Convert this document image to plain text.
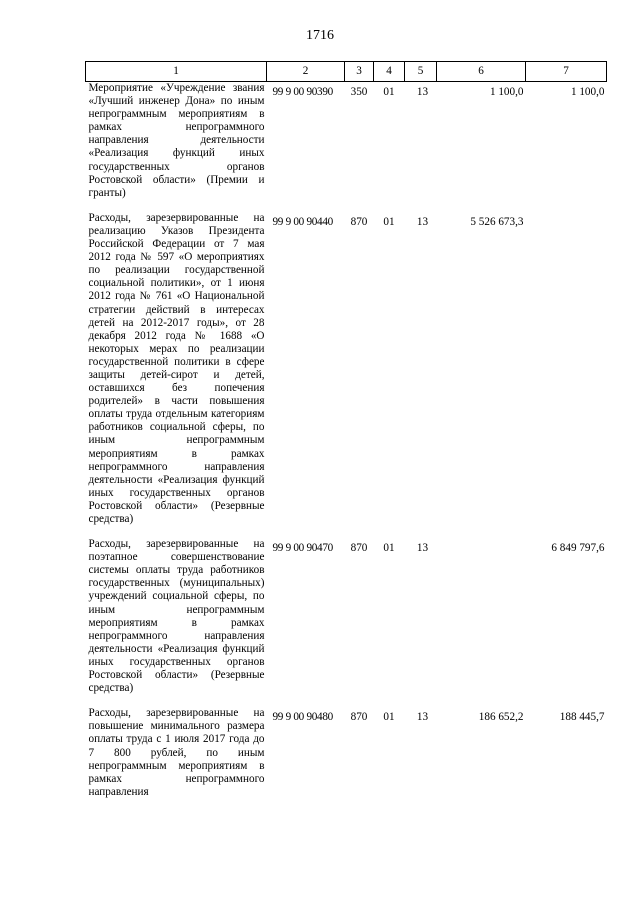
1716
1	2	3	4	5	6	7
Мероприятие «Учреждение звания «Лучший инженер Дона» по иным непрограммным мероприятиям в рамках непрограммного направления деятельности «Реализация функций иных государственных органов Ростовской области» (Премии и гранты)	99 9 00 90390	350	01	13	1 100,0	1 100,0
Расходы, зарезервированные на реализацию Указов Президента Российской Федерации от 7 мая 2012 года № 597 «О мероприятиях по реализации государственной социальной политики», от 1 июня 2012 года № 761 «О Национальной стратегии действий в интересах детей на 2012-2017 годы», от 28 декабря 2012 года № 1688 «О некоторых мерах по реализации государственной политики в сфере защиты детей-сирот и детей, оставшихся без попечения родителей» в части повышения оплаты труда отдельным категориям работников социальной сферы, по иным непрограммным мероприятиям в рамках непрограммного направления деятельности «Реализация функций иных государственных органов Ростовской области» (Резервные средства)	99 9 00 90440	870	01	13	5 526 673,3	
Расходы, зарезервированные на поэтапное совершенствование системы оплаты труда работников государственных (муниципальных) учреждений социальной сферы, по иным непрограммным мероприятиям в рамках непрограммного направления деятельности «Реализация функций иных государственных органов Ростовской области» (Резервные средства)	99 9 00 90470	870	01	13		6 849 797,6
Расходы, зарезервированные на повышение минимального размера оплаты труда с 1 июля 2017 года до 7 800 рублей, по иным непрограммным мероприятиям в рамках непрограммного направления	99 9 00 90480	870	01	13	186 652,2	188 445,7
